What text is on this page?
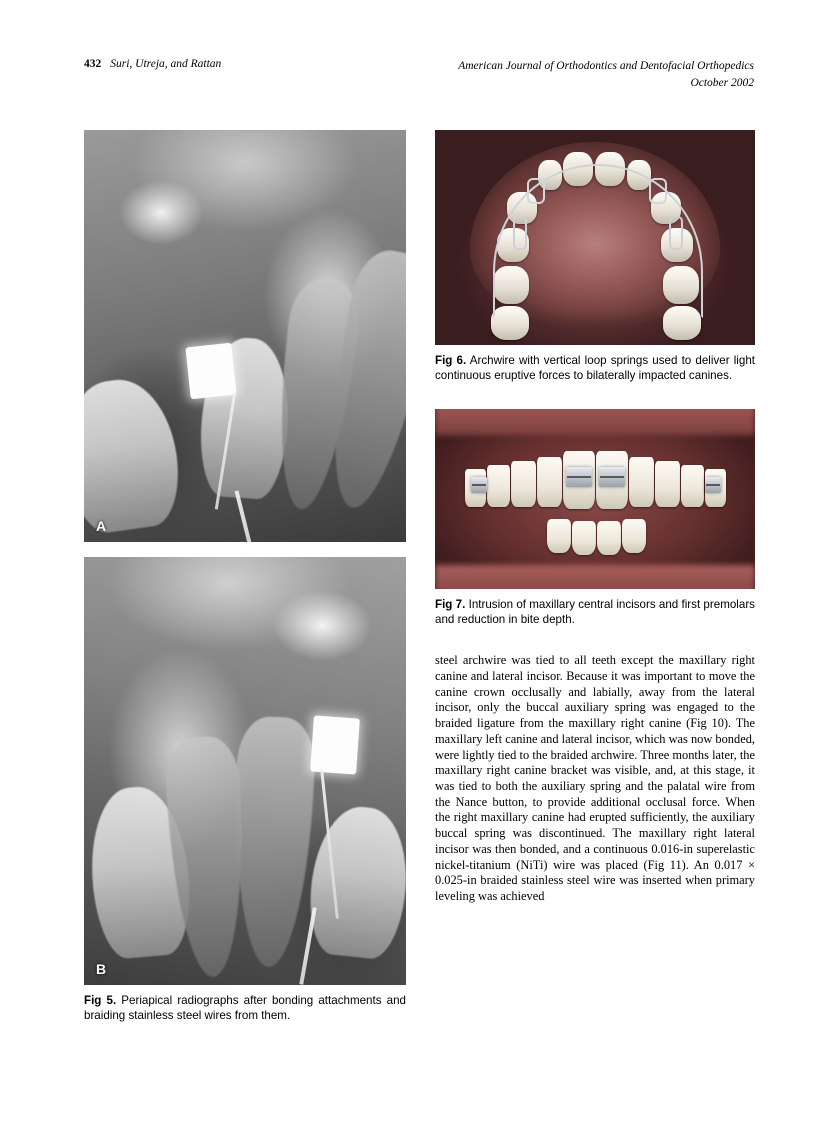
432 Suri, Utreja, and Rattan	American Journal of Orthodontics and Dentofacial Orthopedics
October 2002
A
B
Fig 5. Periapical radiographs after bonding attachments and braiding stainless steel wires from them.
Fig 6. Archwire with vertical loop springs used to deliver light continuous eruptive forces to bilaterally impacted canines.
Fig 7. Intrusion of maxillary central incisors and first premolars and reduction in bite depth.

steel archwire was tied to all teeth except the maxillary right canine and lateral incisor. Because it was important to move the canine crown occlusally and labially, away from the lateral incisor, only the buccal auxiliary spring was engaged to the braided ligature from the maxillary right canine (Fig 10). The maxillary left canine and lateral incisor, which was now bonded, were lightly tied to the braided archwire. Three months later, the maxillary right canine bracket was visible, and, at this stage, it was tied to both the auxiliary spring and the palatal wire from the Nance button, to provide additional occlusal force. When the right maxillary canine had erupted sufficiently, the auxiliary buccal spring was discontinued. The maxillary right lateral incisor was then bonded, and a continuous 0.016-in superelastic nickel-titanium (NiTi) wire was placed (Fig 11). An 0.017 × 0.025-in braided stainless steel wire was inserted when primary leveling was achieved
